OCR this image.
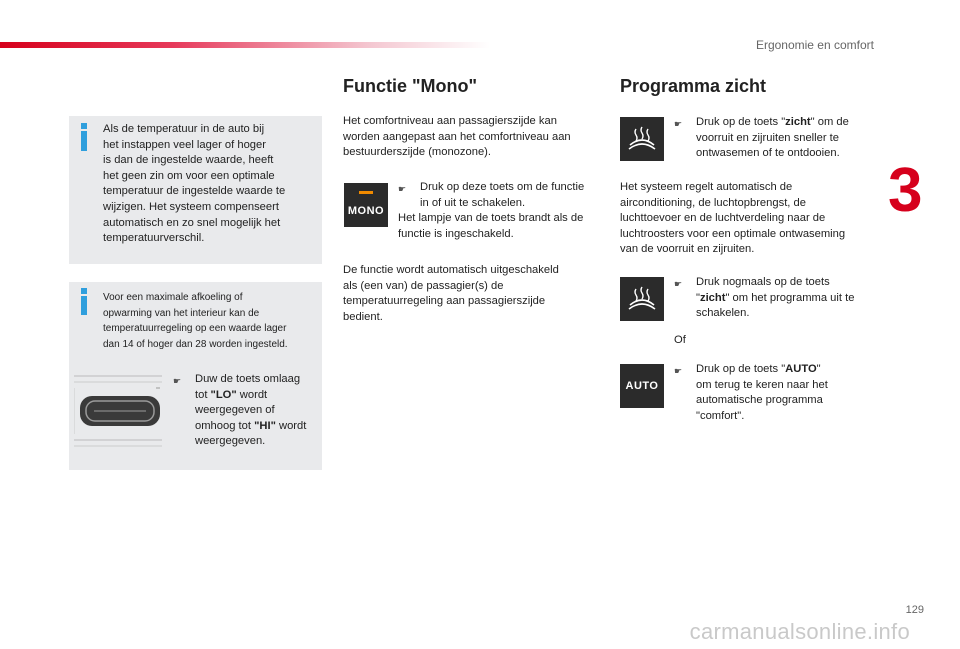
Ergonomie en comfort
3
Als de temperatuur in de auto bij
het instappen veel lager of hoger
is dan de ingestelde waarde, heeft
het geen zin om voor een optimale
temperatuur de ingestelde waarde te
wijzigen. Het systeem compenseert
automatisch en zo snel mogelijk het
temperatuurverschil.
Voor een maximale afkoeling of
opwarming van het interieur kan de
temperatuurregeling op een waarde lager
dan 14 of hoger dan 28 worden ingesteld.
☛ Duw de toets omlaag
tot "LO" wordt
weergegeven of
omhoog tot "HI" wordt
weergegeven.
Functie "Mono"
Het comfortniveau aan passagierszijde kan
worden aangepast aan het comfortniveau aan
bestuurderszijde (monozone).
MONO
☛ Druk op deze toets om de functie
in of uit te schakelen.
Het lampje van de toets brandt als de
functie is ingeschakeld.
De functie wordt automatisch uitgeschakeld
als (een van) de passagier(s) de
temperatuurregeling aan passagierszijde
bedient.
Programma zicht
☛ Druk op de toets "zicht" om de
voorruit en zijruiten sneller te
ontwasemen of te ontdooien.
Het systeem regelt automatisch de
airconditioning, de luchtopbrengst, de
luchttoevoer en de luchtverdeling naar de
luchtroosters voor een optimale ontwaseming
van de voorruit en zijruiten.
☛ Druk nogmaals op de toets
"zicht" om het programma uit te
schakelen.
Of
AUTO
☛ Druk op de toets "AUTO"
om terug te keren naar het
automatische programma
"comfort".
129
carmanualsonline.info
